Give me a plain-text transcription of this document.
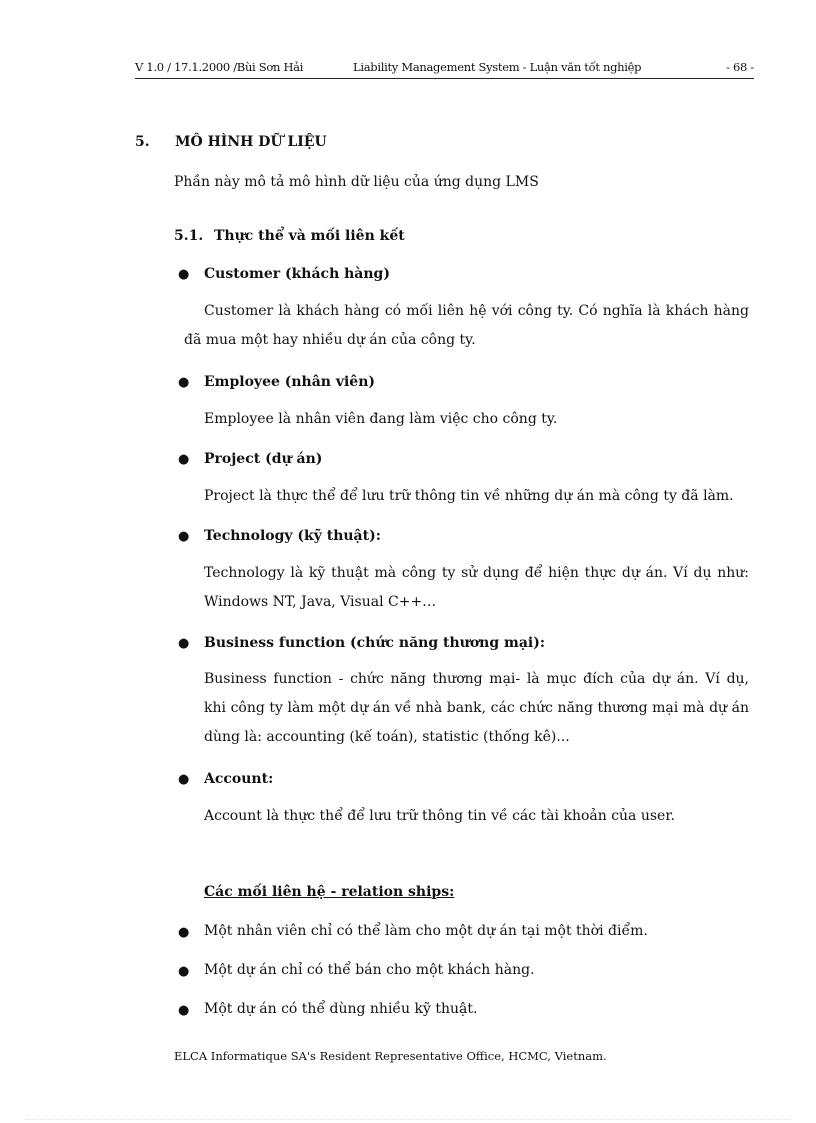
V 1.0 / 17.1.2000 /Bùi Sơn Hải	Liability Management System - Luận văn tốt nghiệp	- 68 -
5. MÔ HÌNH DỮ LIỆU
Phần này mô tả mô hình dữ liệu của ứng dụng LMS
5.1. Thực thể và mối liên kết
● Customer (khách hàng)

Customer là khách hàng có mối liên hệ với công ty. Có nghĩa là khách hàng

đã mua một hay nhiều dự án của công ty.

● Employee (nhân viên)
Employee là nhân viên đang làm việc cho công ty.
● Project (dự án)
Project là thực thể để lưu trữ thông tin về những dự án mà công ty đã làm.
● Technology (kỹ thuật):

Technology là kỹ thuật mà công ty sử dụng để hiện thực dự án. Ví dụ như:

Windows NT, Java, Visual C++…

● Business function (chức năng thương mại):

Business function - chức năng thương mại- là mục đích của dự án. Ví dụ,

khi công ty làm một dự án về nhà bank, các chức năng thương mại mà dự án

dùng là: accounting (kế toán), statistic (thống kê)...

● Account:
Account là thực thể để lưu trữ thông tin về các tài khoản của user.
Các mối liên hệ - relation ships:
● Một nhân viên chỉ có thể làm cho một dự án tại một thời điểm.
● Một dự án chỉ có thể bán cho một khách hàng.
● Một dự án có thể dùng nhiều kỹ thuật.
ELCA Informatique SA's Resident Representative Office, HCMC, Vietnam.
